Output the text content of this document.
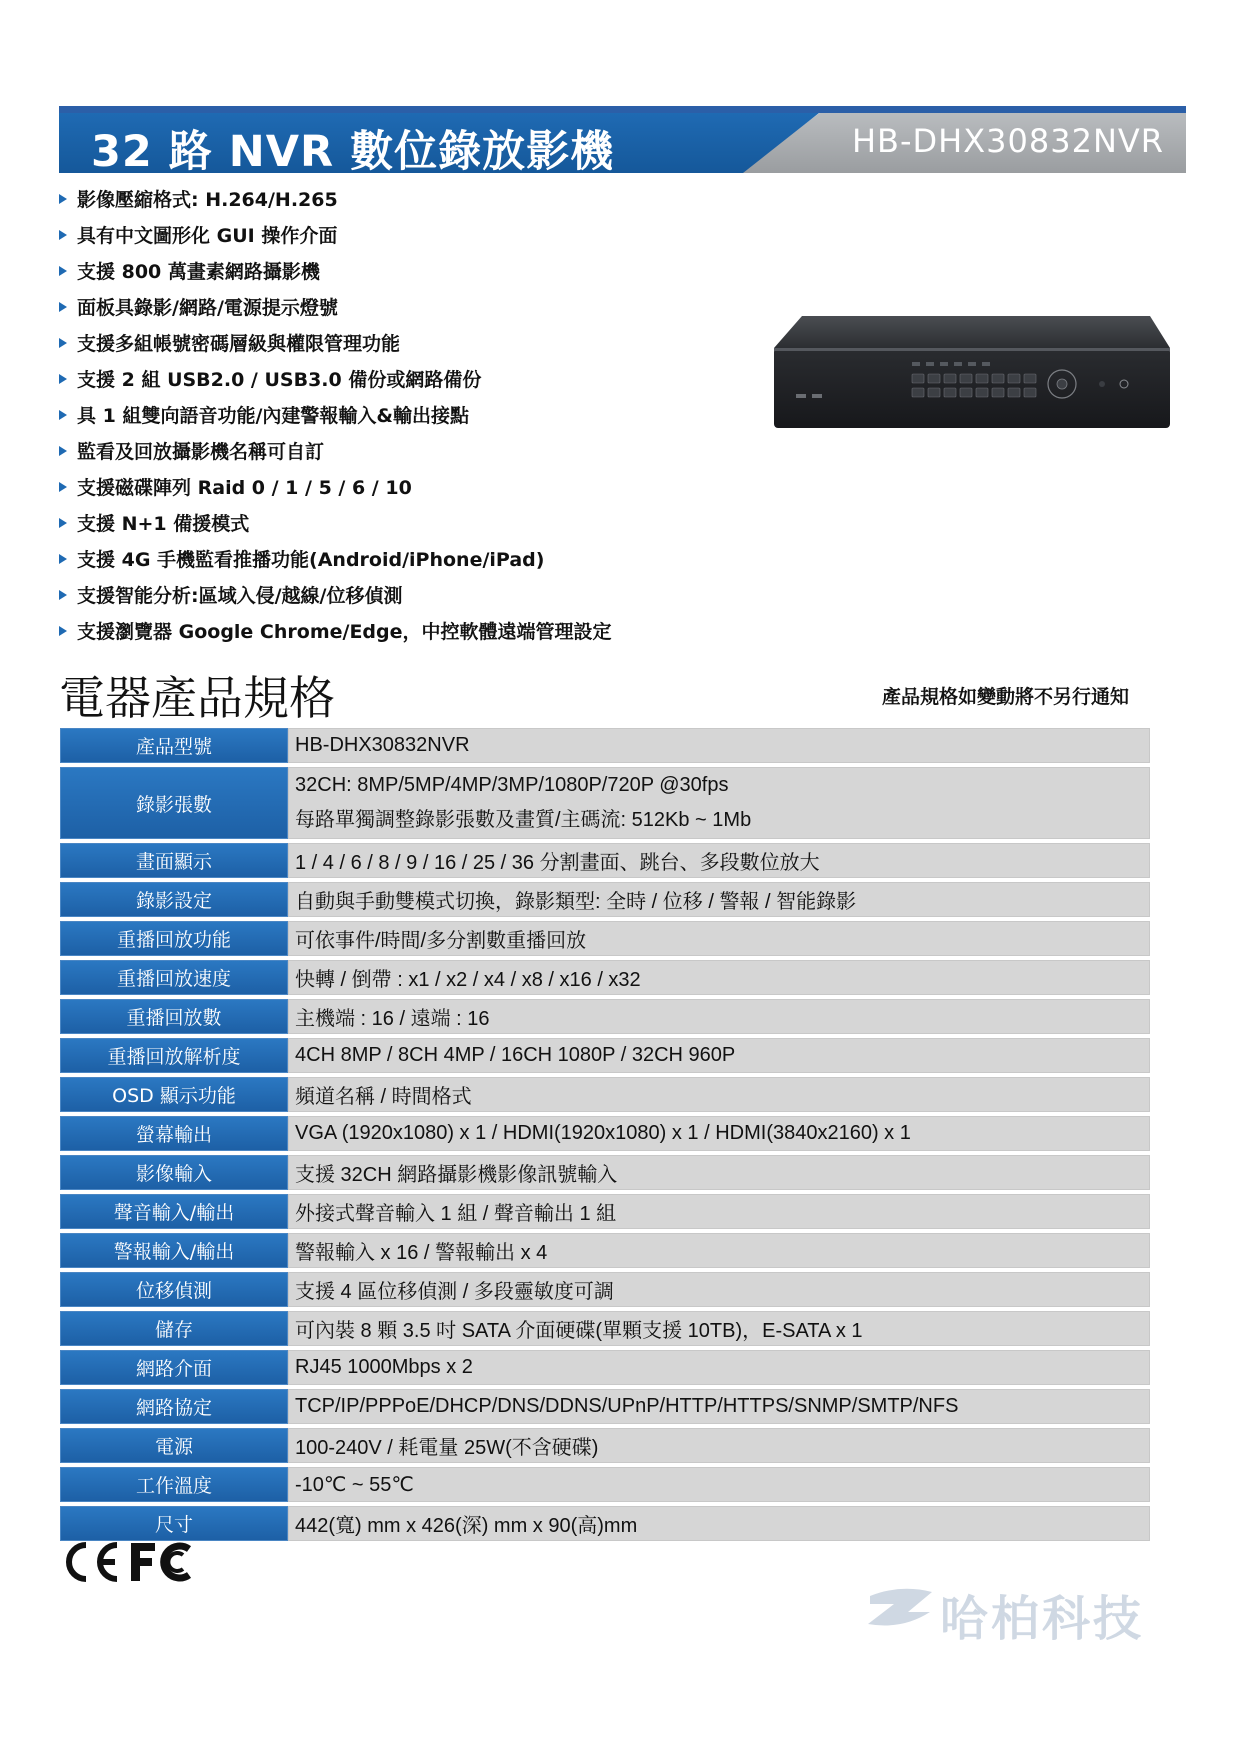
32 路 NVR 數位錄放影機	HB-DHX30832NVR
影像壓縮格式: H.264/H.265
具有中文圖形化 GUI 操作介面
支援 800 萬畫素網路攝影機
面板具錄影/網路/電源提示燈號
支援多組帳號密碼層級與權限管理功能
支援 2 組 USB2.0 / USB3.0 備份或網路備份
具 1 組雙向語音功能/內建警報輸入&輸出接點
監看及回放攝影機名稱可自訂
支援磁碟陣列 Raid 0 / 1 / 5 / 6 / 10
支援 N+1 備援模式
支援 4G 手機監看推播功能(Android/iPhone/iPad)
支援智能分析:區域入侵/越線/位移偵測
支援瀏覽器 Google Chrome/Edge，中控軟體遠端管理設定
電器產品規格	產品規格如變動將不另行通知
產品型號	HB-DHX30832NVR
錄影張數	32CH: 8MP/5MP/4MP/3MP/1080P/720P @30fps
每路單獨調整錄影張數及畫質/主碼流: 512Kb ~ 1Mb

畫面顯示	1 / 4 / 6 / 8 / 9 / 16 / 25 / 36 分割畫面、跳台、多段數位放大
錄影設定	自動與手動雙模式切換，錄影類型: 全時 / 位移 / 警報 / 智能錄影
重播回放功能	可依事件/時間/多分割數重播回放
重播回放速度	快轉 / 倒帶 : x1 / x2 / x4 / x8 / x16 / x32
重播回放數	主機端 : 16 / 遠端 : 16
重播回放解析度	4CH 8MP / 8CH 4MP / 16CH 1080P / 32CH 960P
OSD 顯示功能	頻道名稱 / 時間格式
螢幕輸出	VGA (1920x1080) x 1 / HDMI(1920x1080) x 1 / HDMI(3840x2160) x 1
影像輸入	支援 32CH 網路攝影機影像訊號輸入
聲音輸入/輸出	外接式聲音輸入 1 組 / 聲音輸出 1 組
警報輸入/輸出	警報輸入 x 16 / 警報輸出 x 4
位移偵測	支援 4 區位移偵測 / 多段靈敏度可調
儲存	可內裝 8 顆 3.5 吋 SATA 介面硬碟(單顆支援 10TB)，E-SATA x 1
網路介面	RJ45 1000Mbps x 2
網路協定	TCP/IP/PPPoE/DHCP/DNS/DDNS/UPnP/HTTP/HTTPS/SNMP/SMTP/NFS
電源	100-240V / 耗電量 25W(不含硬碟)
工作溫度	-10℃ ~ 55℃
尺寸	442(寬) mm x 426(深) mm x 90(高)mm
哈柏科技
